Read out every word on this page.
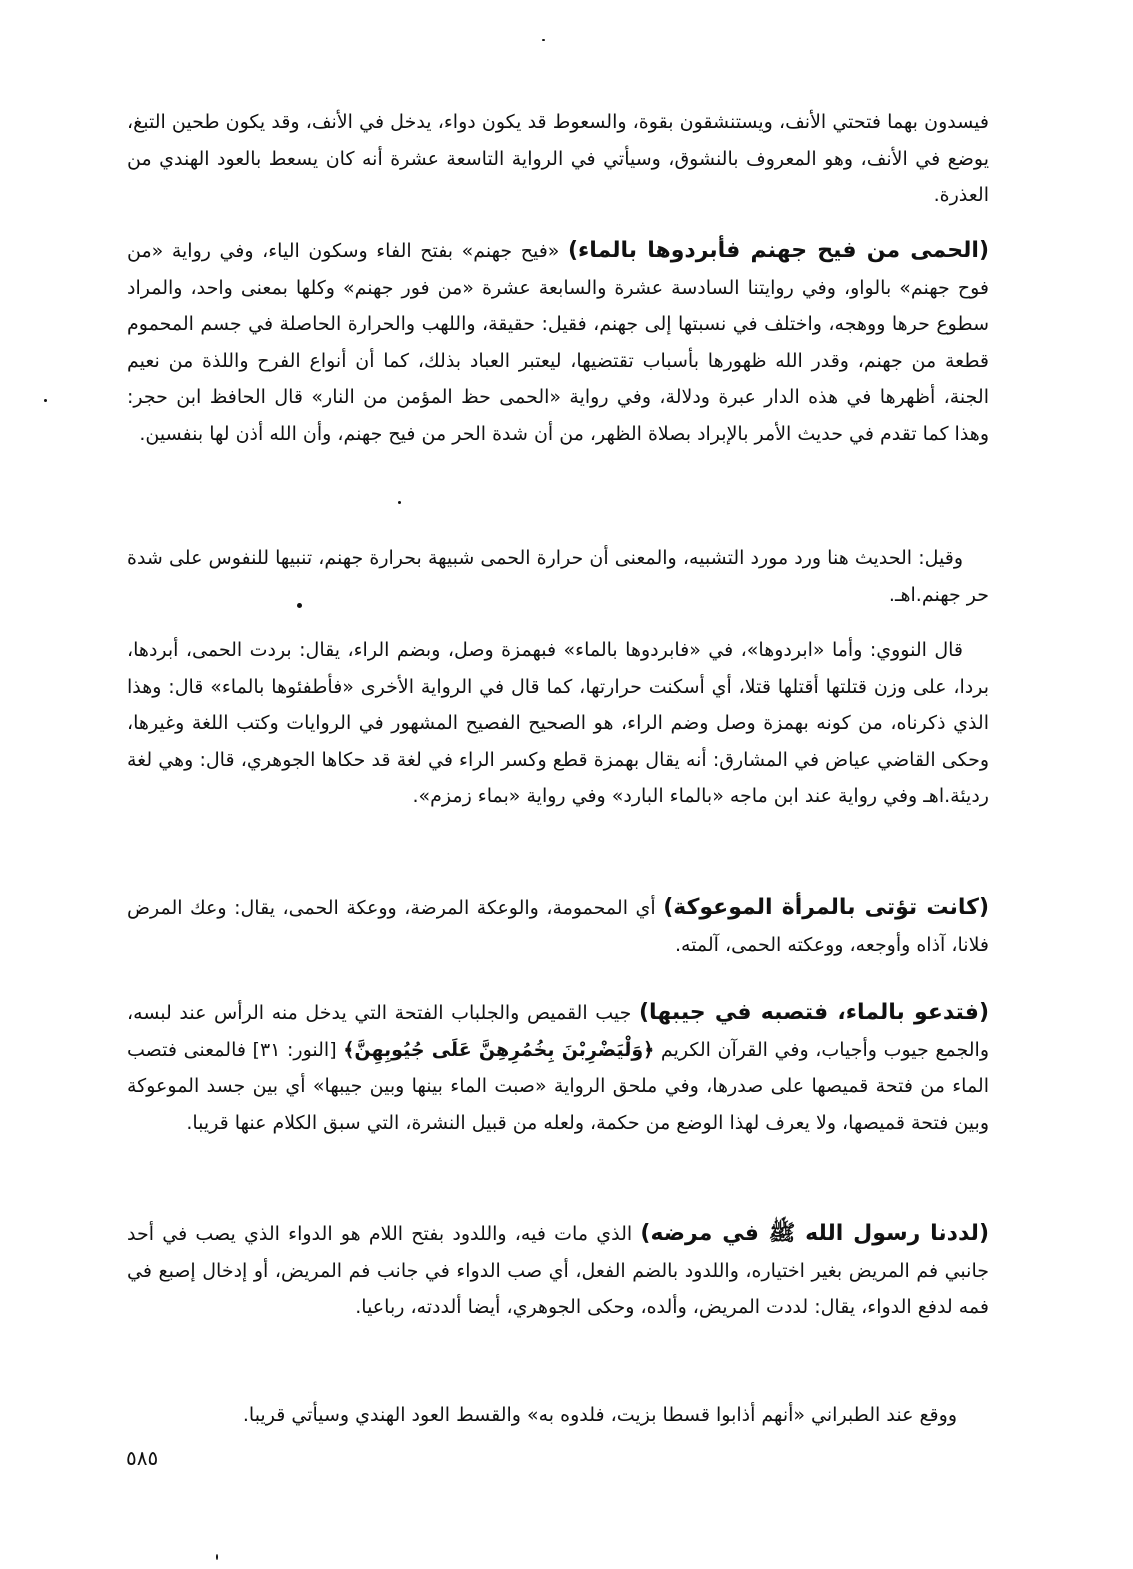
فيسدون بهما فتحتي الأنف، ويستنشقون بقوة، والسعوط قد يكون دواء، يدخل في الأنف، وقد يكون طحين التبغ، يوضع في الأنف، وهو المعروف بالنشوق، وسيأتي في الرواية التاسعة عشرة أنه كان يسعط بالعود الهندي من العذرة.

(الحمى من فيح جهنم فأبردوها بالماء) «فيح جهنم» بفتح الفاء وسكون الياء، وفي رواية «من فوح جهنم» بالواو، وفي روايتنا السادسة عشرة والسابعة عشرة «من فور جهنم» وكلها بمعنى واحد، والمراد سطوع حرها ووهجه، واختلف في نسبتها إلى جهنم، فقيل: حقيقة، واللهب والحرارة الحاصلة في جسم المحموم قطعة من جهنم، وقدر الله ظهورها بأسباب تقتضيها، ليعتبر العباد بذلك، كما أن أنواع الفرح واللذة من نعيم الجنة، أظهرها في هذه الدار عبرة ودلالة، وفي رواية «الحمى حظ المؤمن من النار» قال الحافظ ابن حجر: وهذا كما تقدم في حديث الأمر بالإبراد بصلاة الظهر، من أن شدة الحر من فيح جهنم، وأن الله أذن لها بنفسين.

وقيل: الحديث هنا ورد مورد التشبيه، والمعنى أن حرارة الحمى شبيهة بحرارة جهنم، تنبيها للنفوس على شدة حر جهنم.اهـ.

قال النووي: وأما «ابردوها»، في «فابردوها بالماء» فبهمزة وصل، وبضم الراء، يقال: بردت الحمى، أبردها، بردا، على وزن قتلتها أقتلها قتلا، أي أسكنت حرارتها، كما قال في الرواية الأخرى «فأطفئوها بالماء» قال: وهذا الذي ذكرناه، من كونه بهمزة وصل وضم الراء، هو الصحيح الفصيح المشهور في الروايات وكتب اللغة وغيرها، وحكى القاضي عياض في المشارق: أنه يقال بهمزة قطع وكسر الراء في لغة قد حكاها الجوهري، قال: وهي لغة رديئة.اهـ وفي رواية عند ابن ماجه «بالماء البارد» وفي رواية «بماء زمزم».

(كانت تؤتى بالمرأة الموعوكة) أي المحمومة، والوعكة المرضة، ووعكة الحمى، يقال: وعك المرض فلانا، آذاه وأوجعه، ووعكته الحمى، آلمته.

(فتدعو بالماء، فتصبه في جيبها) جيب القميص والجلباب الفتحة التي يدخل منه الرأس عند لبسه، والجمع جيوب وأجياب، وفي القرآن الكريم ﴿وَلْيَضْرِبْنَ بِخُمُرِهِنَّ عَلَى جُيُوبِهِنَّ﴾ [النور: ٣١] فالمعنى فتصب الماء من فتحة قميصها على صدرها، وفي ملحق الرواية «صبت الماء بينها وبين جيبها» أي بين جسد الموعوكة وبين فتحة قميصها، ولا يعرف لهذا الوضع من حكمة، ولعله من قبيل النشرة، التي سبق الكلام عنها قريبا.

(لددنا رسول الله ﷺ في مرضه) الذي مات فيه، واللدود بفتح اللام هو الدواء الذي يصب في أحد جانبي فم المريض بغير اختياره، واللدود بالضم الفعل، أي صب الدواء في جانب فم المريض، أو إدخال إصبع في فمه لدفع الدواء، يقال: لددت المريض، وألده، وحكى الجوهري، أيضا ألددته، رباعيا.

ووقع عند الطبراني «أنهم أذابوا قسطا بزيت، فلدوه به» والقسط العود الهندي وسيأتي قريبا.

٥٨٥
